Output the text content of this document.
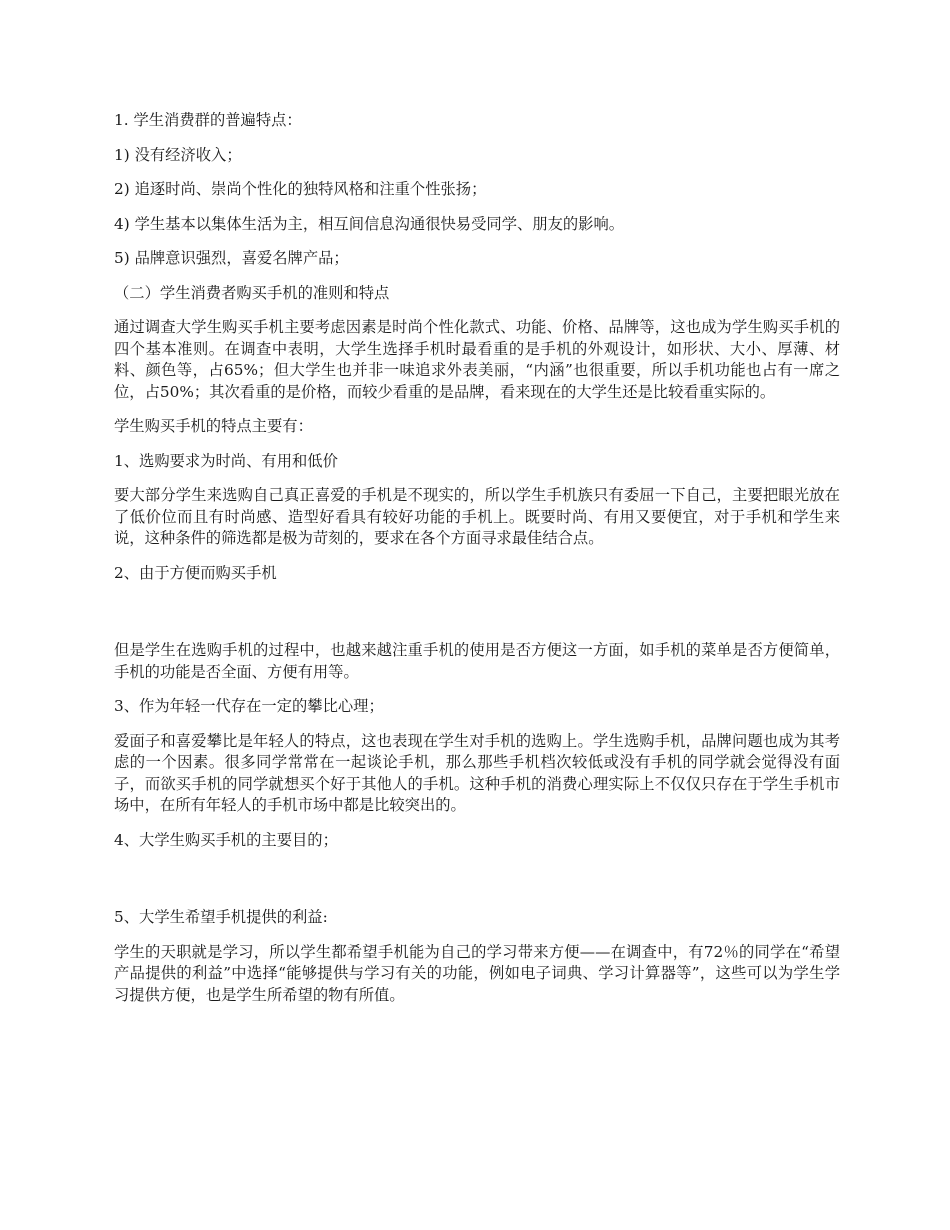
1. 学生消费群的普遍特点：

1) 没有经济收入；

2) 追逐时尚、崇尚个性化的独特风格和注重个性张扬；

4) 学生基本以集体生活为主，相互间信息沟通很快易受同学、朋友的影响。

5) 品牌意识强烈，喜爱名牌产品；

（二）学生消费者购买手机的准则和特点

通过调查大学生购买手机主要考虑因素是时尚个性化款式、功能、价格、品牌等，这也成为学生购买手机的四个基本准则。在调查中表明，大学生选择手机时最看重的是手机的外观设计，如形状、大小、厚薄、材料、颜色等，占65%；但大学生也并非一味追求外表美丽，“内涵”也很重要，所以手机功能也占有一席之位，占50%；其次看重的是价格，而较少看重的是品牌，看来现在的大学生还是比较看重实际的。

学生购买手机的特点主要有：

1、选购要求为时尚、有用和低价

要大部分学生来选购自己真正喜爱的手机是不现实的，所以学生手机族只有委屈一下自己，主要把眼光放在了低价位而且有时尚感、造型好看具有较好功能的手机上。既要时尚、有用又要便宜，对于手机和学生来说，这种条件的筛选都是极为苛刻的，要求在各个方面寻求最佳结合点。

2、由于方便而购买手机

但是学生在选购手机的过程中，也越来越注重手机的使用是否方便这一方面，如手机的菜单是否方便简单，手机的功能是否全面、方便有用等。

3、作为年轻一代存在一定的攀比心理；

爱面子和喜爱攀比是年轻人的特点，这也表现在学生对手机的选购上。学生选购手机，品牌问题也成为其考虑的一个因素。很多同学常常在一起谈论手机，那么那些手机档次较低或没有手机的同学就会觉得没有面子，而欲买手机的同学就想买个好于其他人的手机。这种手机的消费心理实际上不仅仅只存在于学生手机市场中，在所有年轻人的手机市场中都是比较突出的。

4、大学生购买手机的主要目的；

5、大学生希望手机提供的利益:

学生的天职就是学习，所以学生都希望手机能为自己的学习带来方便——在调查中，有72％的同学在“希望产品提供的利益”中选择“能够提供与学习有关的功能，例如电子词典、学习计算器等”，这些可以为学生学习提供方便，也是学生所希望的物有所值。
